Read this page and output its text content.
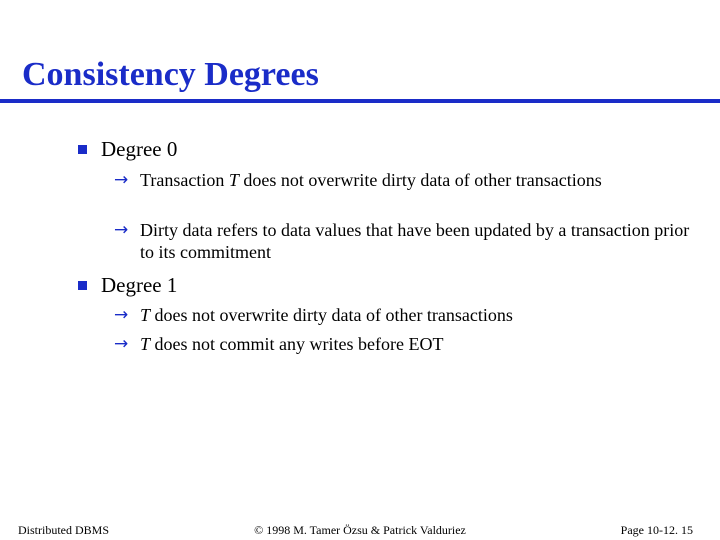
Consistency Degrees
Degree 0
→ Transaction T does not overwrite dirty data of other transactions
→ Dirty data refers to data values that have been updated by a transaction prior to its commitment
Degree 1
→ T does not overwrite dirty data of other transactions
→ T does not commit any writes before EOT
Distributed DBMS	© 1998 M. Tamer Özsu & Patrick Valduriez	Page 10-12. 15
